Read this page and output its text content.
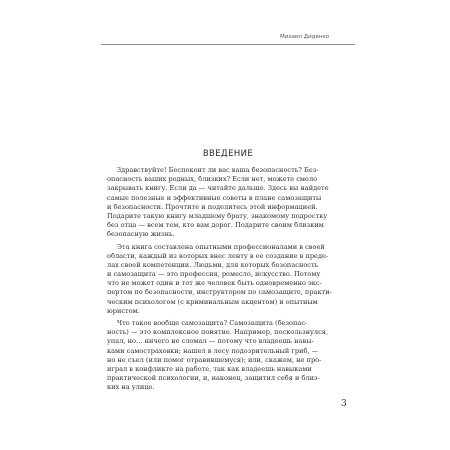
Михаил Диденко
ВВЕДЕНИЕ
Здравствуйте! Беспокоит ли вас ваша безопасность? Без-
опасность ваших родных, близких? Если нет, можете смело
закрывать книгу. Если да — читайте дальше. Здесь вы найдете
самые полезные и эффективные советы в плане самозащиты
и безопасности. Прочтите и поделитесь этой информацией.
Подарите такую книгу младшему брату, знакомому подростку
без отца — всем тем, кто вам дорог. Подарите своим близким
безопасную жизнь.
Эта книга составлена опытными профессионалами в своей
области, каждый из которых внес ленту в ее создание в преде-
лах своей компетенции. Людьми, для которых безопасность
и самозащита — это профессия, ремесло, искусство. Потому
что не может один и тот же человек быть одновременно экс-
пертом по безопасности, инструктором по самозащите, практи-
ческим психологом (с криминальным акцентом) и опытным
юристом.
Что такое вообще самозащита? Самозащита (безопас-
ность) — это комплексное понятие. Например, поскользнулся,
упал, но… ничего не сломал — потому что владеешь навы-
ками самостраховки; нашел в лесу подозрительный гриб, —
но не съел (или помог отравившемуся); или, скажем, не про-
играл в конфликте на работе, так как владеешь навыками
практической психологии, и, наконец, защитил себя и близ-
ких на улице.
3
